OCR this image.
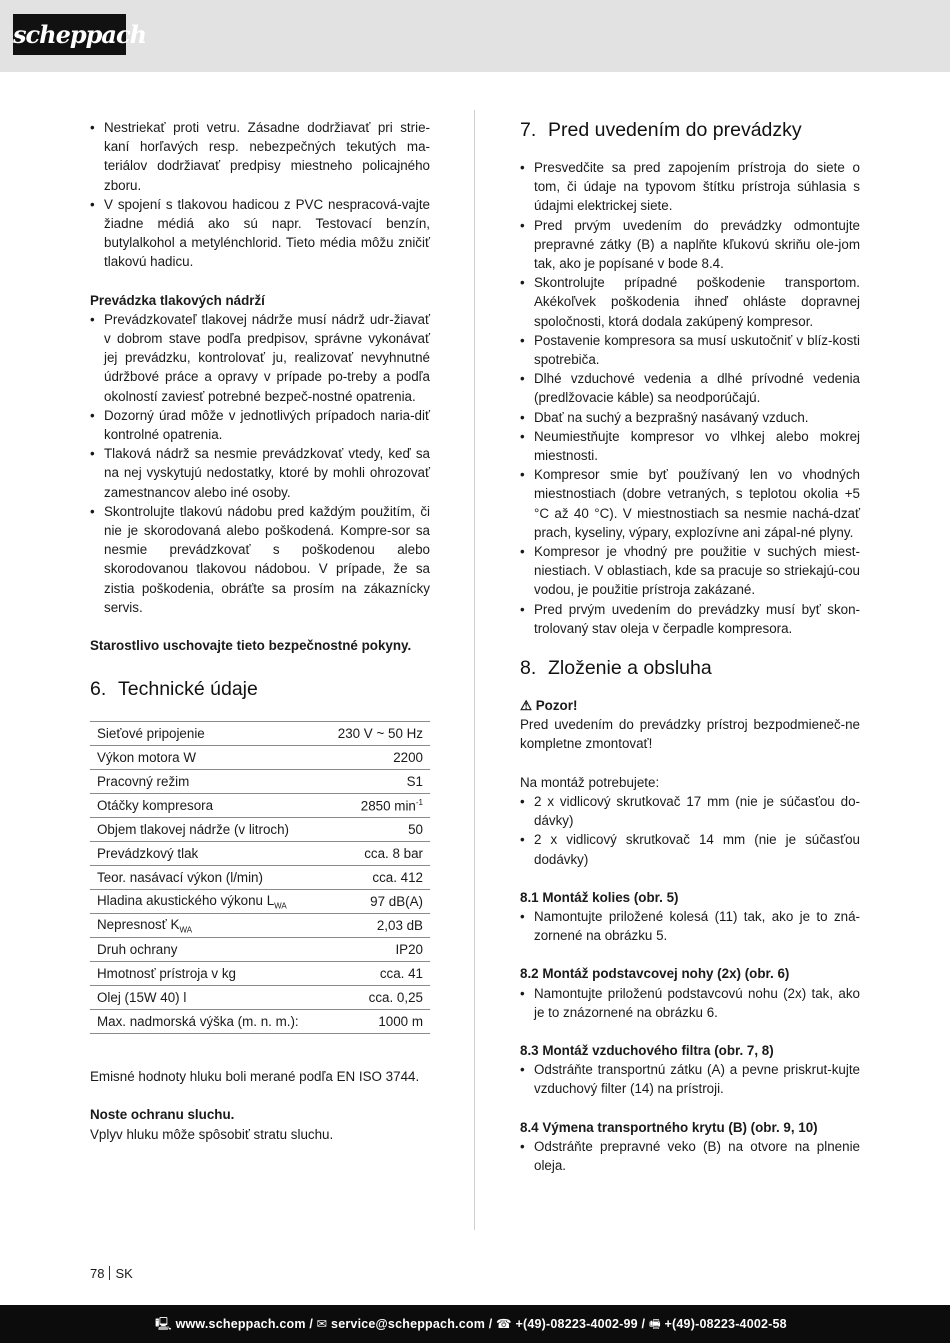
scheppach
• Nestriekať proti vetru. Zásadne dodržiavať pri strie-kaní horľavých resp. nebezpečných tekutých ma-teriálov dodržiavať predpisy miestneho policajného zboru.
• V spojení s tlakovou hadicou z PVC nespracová-vajte žiadne médiá ako sú napr. Testovací benzín, butylalkohol a metylénchlorid. Tieto média môžu zničiť tlakovú hadicu.

Prevádzka tlakových nádrží

• Prevádzkovateľ tlakovej nádrže musí nádrž udr-žiavať v dobrom stave podľa predpisov, správne vykonávať jej prevádzku, kontrolovať ju, realizovať nevyhnutné údržbové práce a opravy v prípade po-treby a podľa okolností zaviesť potrebné bezpeč-nostné opatrenia.
• Dozorný úrad môže v jednotlivých prípadoch naria-diť kontrolné opatrenia.
• Tlaková nádrž sa nesmie prevádzkovať vtedy, keď sa na nej vyskytujú nedostatky, ktoré by mohli ohrozovať zamestnancov alebo iné osoby.
• Skontrolujte tlakovú nádobu pred každým použitím, či nie je skorodovaná alebo poškodená. Kompre-sor sa nesmie prevádzkovať s poškodenou alebo skorodovanou tlakovou nádobou. V prípade, že sa zistia poškodenia, obráťte sa prosím na zákaznícky servis.

Starostlivo uschovajte tieto bezpečnostné pokyny.

6. Technické údaje
Sieťové pripojenie	230 V ~ 50 Hz
Výkon motora W	2200
Pracovný režim	S1
Otáčky kompresora	2850 $\min^{-1}$
Objem tlakovej nádrže (v litroch)	50
Prevádzkový tlak	cca. 8 bar
Teor. nasávací výkon (l/min)	cca. 412
Hladina akustického výkonu $L_{WA}$	97 dB(A)
Nepresnosť $K_{WA}$	2,03 dB
Druh ochrany	IP20
Hmotnosť prístroja v kg	cca. 41
Olej (15W 40) l	cca. 0,25
Max. nadmorská výška (m. n. m.):	1000 m

Emisné hodnoty hluku boli merané podľa EN ISO 3744.

Noste ochranu sluchu.

Vplyv hluku môže spôsobiť stratu sluchu.

7. Pred uvedením do prevádzky
• Presvedčite sa pred zapojením prístroja do siete o tom, či údaje na typovom štítku prístroja súhlasia s údajmi elektrickej siete.
• Pred prvým uvedením do prevádzky odmontujte prepravné zátky (B) a naplňte kľukovú skriňu ole-jom tak, ako je popísané v bode 8.4.
• Skontrolujte prípadné poškodenie transportom. Akékoľvek poškodenia ihneď ohláste dopravnej spoločnosti, ktorá dodala zakúpený kompresor.
• Postavenie kompresora sa musí uskutočniť v blíz-kosti spotrebiča.
• Dlhé vzduchové vedenia a dlhé prívodné vedenia (predlžovacie káble) sa neodporúčajú.
• Dbať na suchý a bezprašný nasávaný vzduch.
• Neumiestňujte kompresor vo vlhkej alebo mokrej miestnosti.
• Kompresor smie byť používaný len vo vhodných miestnostiach (dobre vetraných, s teplotou okolia +5 °C až 40 °C). V miestnostiach sa nesmie nachá-dzať prach, kyseliny, výpary, explozívne ani zápal-né plyny.
• Kompresor je vhodný pre použitie v suchých miest-niestiach. V oblastiach, kde sa pracuje so striekajú-cou vodou, je použitie prístroja zakázané.
• Pred prvým uvedením do prevádzky musí byť skon-trolovaný stav oleja v čerpadle kompresora.
8. Zloženie a obsluha

⚠ Pozor!

Pred uvedením do prevádzky prístroj bezpodmieneč-ne kompletne zmontovať!

Na montáž potrebujete:

• 2 x vidlicový skrutkovač 17 mm (nie je súčasťou do-dávky)
• 2 x vidlicový skrutkovač 14 mm (nie je súčasťou dodávky)

8.1 Montáž kolies (obr. 5)

• Namontujte priložené kolesá (11) tak, ako je to zná-zornené na obrázku 5.

8.2 Montáž podstavcovej nohy (2x) (obr. 6)

• Namontujte priloženú podstavcovú nohu (2x) tak, ako je to znázornené na obrázku 6.

8.3 Montáž vzduchového filtra (obr. 7, 8)

• Odstráňte transportnú zátku (A) a pevne priskrut-kujte vzduchový filter (14) na prístroji.

8.4 Výmena transportného krytu (B) (obr. 9, 10)

• Odstráňte prepravné veko (B) na otvore na plnenie oleja.
78 SK
🖳 www.scheppach.com / ✉ service@scheppach.com / ☎ +(49)-08223-4002-99 / 🖷 +(49)-08223-4002-58
